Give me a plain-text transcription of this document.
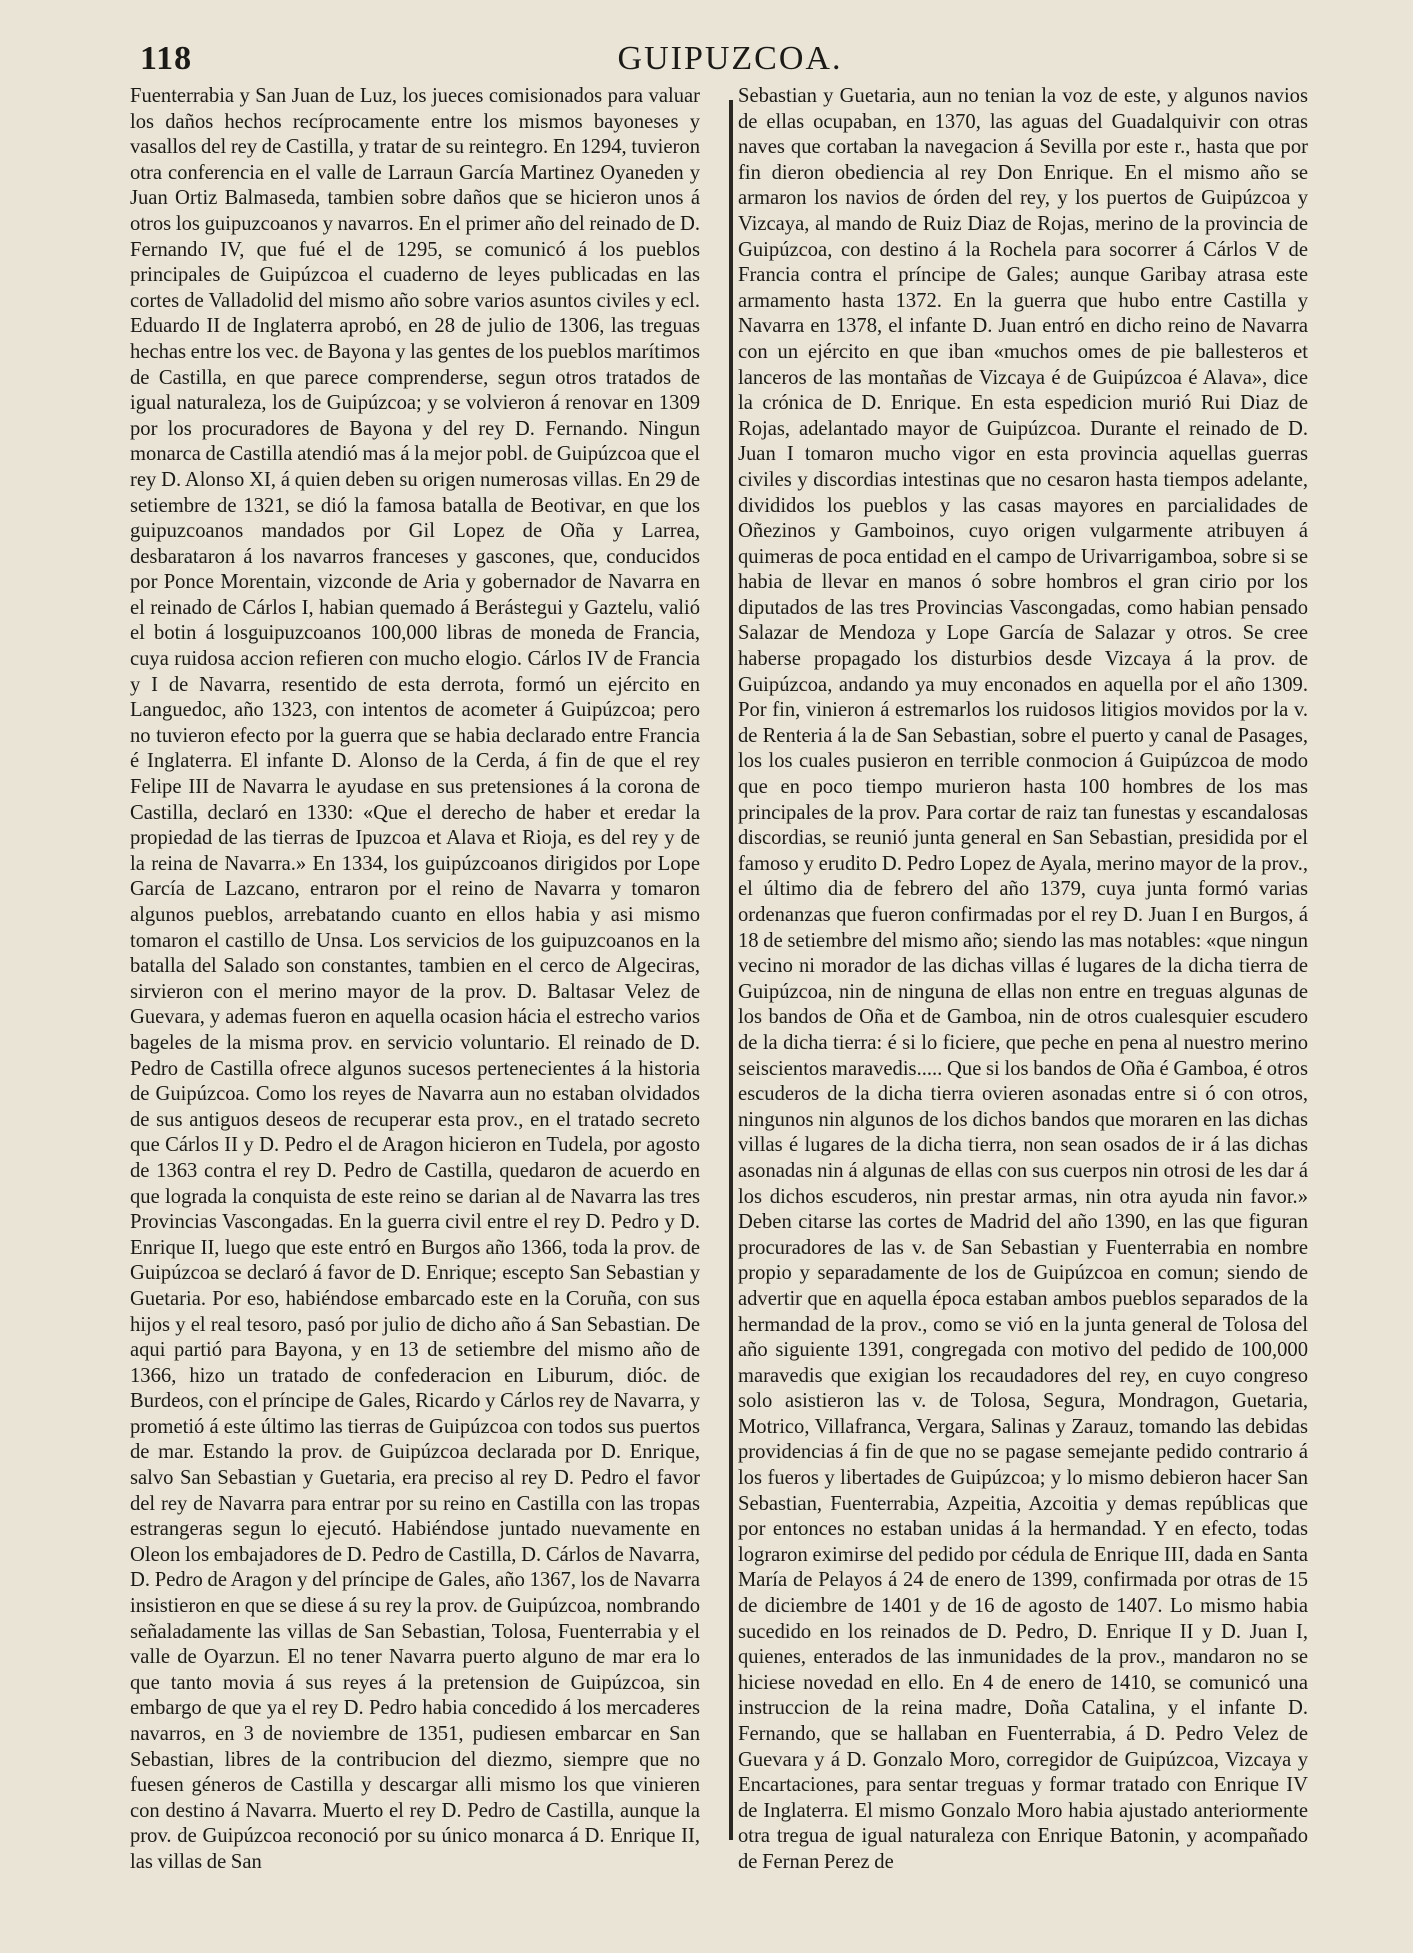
118	GUIPUZCOA.

Fuenterrabia y San Juan de Luz, los jueces comisionados para valuar los daños hechos recíprocamente entre los mismos bayoneses y vasallos del rey de Castilla, y tratar de su reintegro. En 1294, tuvieron otra conferencia en el valle de Larraun García Martinez Oyaneden y Juan Ortiz Balmaseda, tambien sobre daños que se hicieron unos á otros los guipuzcoanos y navarros. En el primer año del reinado de D. Fernando IV, que fué el de 1295, se comunicó á los pueblos principales de Guipúzcoa el cuaderno de leyes publicadas en las cortes de Valladolid del mismo año sobre varios asuntos civiles y ecl. Eduardo II de Inglaterra aprobó, en 28 de julio de 1306, las treguas hechas entre los vec. de Bayona y las gentes de los pueblos marítimos de Castilla, en que parece comprenderse, segun otros tratados de igual naturaleza, los de Guipúzcoa; y se volvieron á renovar en 1309 por los procuradores de Bayona y del rey D. Fernando. Ningun monarca de Castilla atendió mas á la mejor pobl. de Guipúzcoa que el rey D. Alonso XI, á quien deben su origen numerosas villas. En 29 de setiembre de 1321, se dió la famosa batalla de Beotivar, en que los guipuzcoanos mandados por Gil Lopez de Oña y Larrea, desbarataron á los navarros franceses y gascones, que, conducidos por Ponce Morentain, vizconde de Aria y gobernador de Navarra en el reinado de Cárlos I, habian quemado á Berástegui y Gaztelu, valió el botin á losguipuzcoanos 100,000 libras de moneda de Francia, cuya ruidosa accion refieren con mucho elogio. Cárlos IV de Francia y I de Navarra, resentido de esta derrota, formó un ejército en Languedoc, año 1323, con intentos de acometer á Guipúzcoa; pero no tuvieron efecto por la guerra que se habia declarado entre Francia é Inglaterra. El infante D. Alonso de la Cerda, á fin de que el rey Felipe III de Navarra le ayudase en sus pretensiones á la corona de Castilla, declaró en 1330: «Que el derecho de haber et eredar la propiedad de las tierras de Ipuzcoa et Alava et Rioja, es del rey y de la reina de Navarra.» En 1334, los guipúzcoanos dirigidos por Lope García de Lazcano, entraron por el reino de Navarra y tomaron algunos pueblos, arrebatando cuanto en ellos habia y asi mismo tomaron el castillo de Unsa. Los servicios de los guipuzcoanos en la batalla del Salado son constantes, tambien en el cerco de Algeciras, sirvieron con el merino mayor de la prov. D. Baltasar Velez de Guevara, y ademas fueron en aquella ocasion hácia el estrecho varios bageles de la misma prov. en servicio voluntario. El reinado de D. Pedro de Castilla ofrece algunos sucesos pertenecientes á la historia de Guipúzcoa. Como los reyes de Navarra aun no estaban olvidados de sus antiguos deseos de recuperar esta prov., en el tratado secreto que Cárlos II y D. Pedro el de Aragon hicieron en Tudela, por agosto de 1363 contra el rey D. Pedro de Castilla, quedaron de acuerdo en que lograda la conquista de este reino se darian al de Navarra las tres Provincias Vascongadas. En la guerra civil entre el rey D. Pedro y D. Enrique II, luego que este entró en Burgos año 1366, toda la prov. de Guipúzcoa se declaró á favor de D. Enrique; escepto San Sebastian y Guetaria. Por eso, habiéndose embarcado este en la Coruña, con sus hijos y el real tesoro, pasó por julio de dicho año á San Sebastian. De aqui partió para Bayona, y en 13 de setiembre del mismo año de 1366, hizo un tratado de confederacion en Liburum, dióc. de Burdeos, con el príncipe de Gales, Ricardo y Cárlos rey de Navarra, y prometió á este último las tierras de Guipúzcoa con todos sus puertos de mar. Estando la prov. de Guipúzcoa declarada por D. Enrique, salvo San Sebastian y Guetaria, era preciso al rey D. Pedro el favor del rey de Navarra para entrar por su reino en Castilla con las tropas estrangeras segun lo ejecutó. Habiéndose juntado nuevamente en Oleon los embajadores de D. Pedro de Castilla, D. Cárlos de Navarra, D. Pedro de Aragon y del príncipe de Gales, año 1367, los de Navarra insistieron en que se diese á su rey la prov. de Guipúzcoa, nombrando señaladamente las villas de San Sebastian, Tolosa, Fuenterrabia y el valle de Oyarzun. El no tener Navarra puerto alguno de mar era lo que tanto movia á sus reyes á la pretension de Guipúzcoa, sin embargo de que ya el rey D. Pedro habia concedido á los mercaderes navarros, en 3 de noviembre de 1351, pudiesen embarcar en San Sebastian, libres de la contribucion del diezmo, siempre que no fuesen géneros de Castilla y descargar alli mismo los que vinieren con destino á Navarra. Muerto el rey D. Pedro de Castilla, aunque la prov. de Guipúzcoa reconoció por su único monarca á D. Enrique II, las villas de San

Sebastian y Guetaria, aun no tenian la voz de este, y algunos navios de ellas ocupaban, en 1370, las aguas del Guadalquivir con otras naves que cortaban la navegacion á Sevilla por este r., hasta que por fin dieron obediencia al rey Don Enrique. En el mismo año se armaron los navios de órden del rey, y los puertos de Guipúzcoa y Vizcaya, al mando de Ruiz Diaz de Rojas, merino de la provincia de Guipúzcoa, con destino á la Rochela para socorrer á Cárlos V de Francia contra el príncipe de Gales; aunque Garibay atrasa este armamento hasta 1372. En la guerra que hubo entre Castilla y Navarra en 1378, el infante D. Juan entró en dicho reino de Navarra con un ejército en que iban «muchos omes de pie ballesteros et lanceros de las montañas de Vizcaya é de Guipúzcoa é Alava», dice la crónica de D. Enrique. En esta espedicion murió Rui Diaz de Rojas, adelantado mayor de Guipúzcoa. Durante el reinado de D. Juan I tomaron mucho vigor en esta provincia aquellas guerras civiles y discordias intestinas que no cesaron hasta tiempos adelante, divididos los pueblos y las casas mayores en parcialidades de Oñezinos y Gamboinos, cuyo origen vulgarmente atribuyen á quimeras de poca entidad en el campo de Urivarrigamboa, sobre si se habia de llevar en manos ó sobre hombros el gran cirio por los diputados de las tres Provincias Vascongadas, como habian pensado Salazar de Mendoza y Lope García de Salazar y otros. Se cree haberse propagado los disturbios desde Vizcaya á la prov. de Guipúzcoa, andando ya muy enconados en aquella por el año 1309. Por fin, vinieron á estremarlos los ruidosos litigios movidos por la v. de Renteria á la de San Sebastian, sobre el puerto y canal de Pasages, los los cuales pusieron en terrible conmocion á Guipúzcoa de modo que en poco tiempo murieron hasta 100 hombres de los mas principales de la prov. Para cortar de raiz tan funestas y escandalosas discordias, se reunió junta general en San Sebastian, presidida por el famoso y erudito D. Pedro Lopez de Ayala, merino mayor de la prov., el último dia de febrero del año 1379, cuya junta formó varias ordenanzas que fueron confirmadas por el rey D. Juan I en Burgos, á 18 de setiembre del mismo año; siendo las mas notables: «que ningun vecino ni morador de las dichas villas é lugares de la dicha tierra de Guipúzcoa, nin de ninguna de ellas non entre en treguas algunas de los bandos de Oña et de Gamboa, nin de otros cualesquier escudero de la dicha tierra: é si lo ficiere, que peche en pena al nuestro merino seiscientos maravedis..... Que si los bandos de Oña é Gamboa, é otros escuderos de la dicha tierra ovieren asonadas entre si ó con otros, ningunos nin algunos de los dichos bandos que moraren en las dichas villas é lugares de la dicha tierra, non sean osados de ir á las dichas asonadas nin á algunas de ellas con sus cuerpos nin otrosi de les dar á los dichos escuderos, nin prestar armas, nin otra ayuda nin favor.» Deben citarse las cortes de Madrid del año 1390, en las que figuran procuradores de las v. de San Sebastian y Fuenterrabia en nombre propio y separadamente de los de Guipúzcoa en comun; siendo de advertir que en aquella época estaban ambos pueblos separados de la hermandad de la prov., como se vió en la junta general de Tolosa del año siguiente 1391, congregada con motivo del pedido de 100,000 maravedis que exigian los recaudadores del rey, en cuyo congreso solo asistieron las v. de Tolosa, Segura, Mondragon, Guetaria, Motrico, Villafranca, Vergara, Salinas y Zarauz, tomando las debidas providencias á fin de que no se pagase semejante pedido contrario á los fueros y libertades de Guipúzcoa; y lo mismo debieron hacer San Sebastian, Fuenterrabia, Azpeitia, Azcoitia y demas repúblicas que por entonces no estaban unidas á la hermandad. Y en efecto, todas lograron eximirse del pedido por cédula de Enrique III, dada en Santa María de Pelayos á 24 de enero de 1399, confirmada por otras de 15 de diciembre de 1401 y de 16 de agosto de 1407. Lo mismo habia sucedido en los reinados de D. Pedro, D. Enrique II y D. Juan I, quienes, enterados de las inmunidades de la prov., mandaron no se hiciese novedad en ello. En 4 de enero de 1410, se comunicó una instruccion de la reina madre, Doña Catalina, y el infante D. Fernando, que se hallaban en Fuenterrabia, á D. Pedro Velez de Guevara y á D. Gonzalo Moro, corregidor de Guipúzcoa, Vizcaya y Encartaciones, para sentar treguas y formar tratado con Enrique IV de Inglaterra. El mismo Gonzalo Moro habia ajustado anteriormente otra tregua de igual naturaleza con Enrique Batonin, y acompañado de Fernan Perez de
